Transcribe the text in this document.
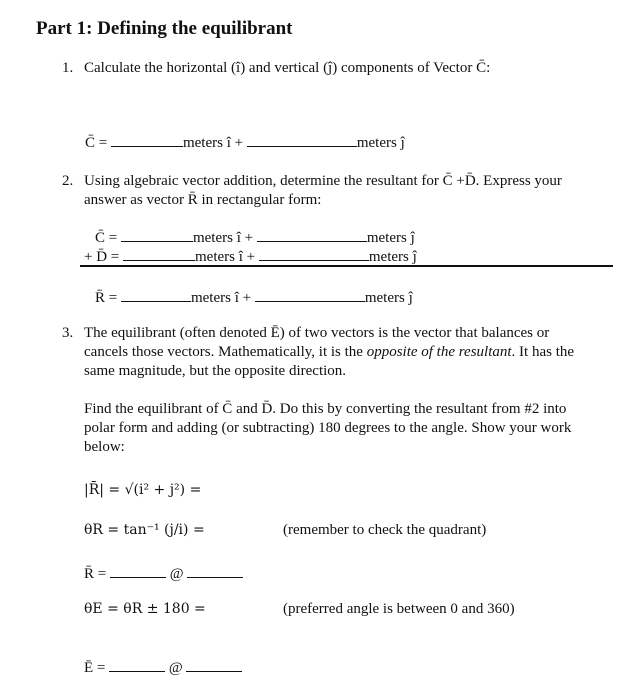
Part 1: Defining the equilibrant
1. Calculate the horizontal (î) and vertical (ĵ) components of Vector C̄:
C̄ =	meters î +	meters ĵ
2. Using algebraic vector addition, determine the resultant for C̄ +D̄. Express your
answer as vector R̄ in rectangular form:
C̄ =	meters î +	meters ĵ
+ D̄ =	meters î +	meters ĵ
R̄ =	meters î +	meters ĵ
3. The equilibrant (often denoted Ē) of two vectors is the vector that balances or
cancels those vectors. Mathematically, it is the opposite of the resultant. It has the
same magnitude, but the opposite direction.
Find the equilibrant of C̄ and D̄. Do this by converting the resultant from #2 into
polar form and adding (or subtracting) 180 degrees to the angle. Show your work
below:
|R̄| = √(i² + j²) =
θR = tan⁻¹ (j/i) =	(remember to check the quadrant)
R̄ =	@
θE = θR ± 180 =	(preferred angle is between 0 and 360)
Ē =	@
